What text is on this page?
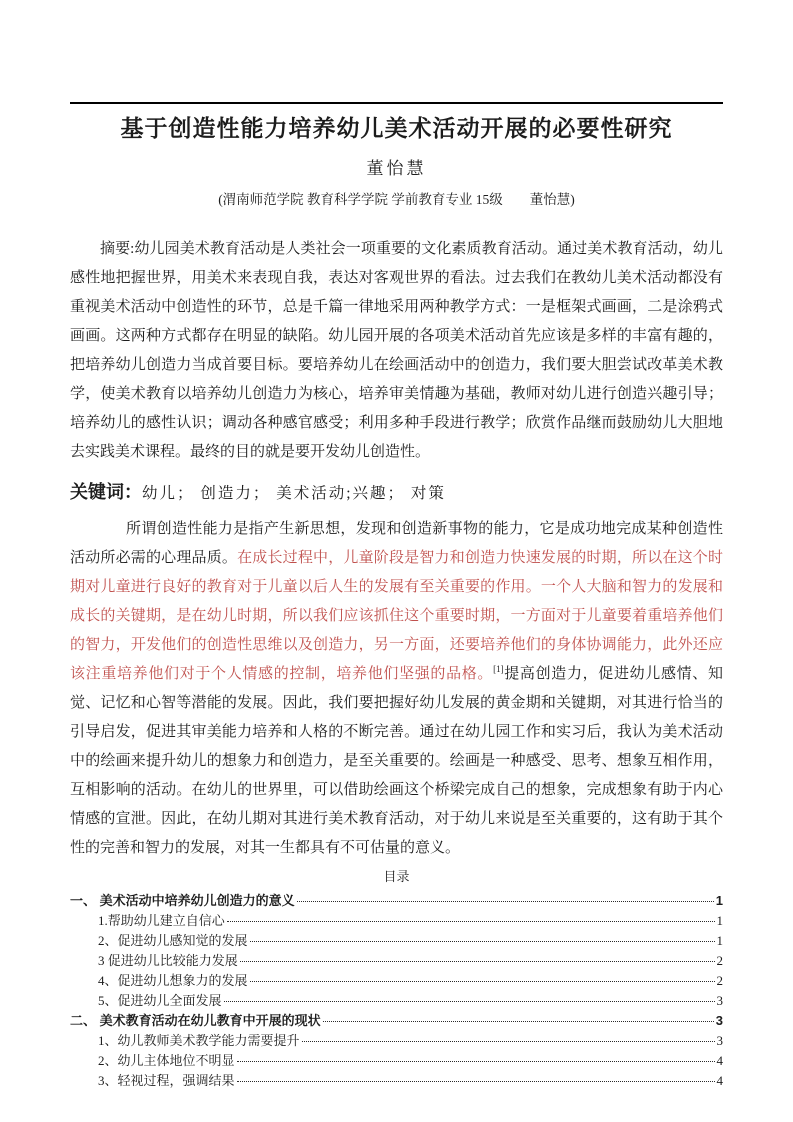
基于创造性能力培养幼儿美术活动开展的必要性研究
董怡慧
(渭南师范学院 教育科学学院 学前教育专业 15级　　董怡慧)

摘要:幼儿园美术教育活动是人类社会一项重要的文化素质教育活动。通过美术教育活动，幼儿感性地把握世界，用美术来表现自我，表达对客观世界的看法。过去我们在教幼儿美术活动都没有重视美术活动中创造性的环节，总是千篇一律地采用两种教学方式：一是框架式画画，二是涂鸦式画画。这两种方式都存在明显的缺陷。幼儿园开展的各项美术活动首先应该是多样的丰富有趣的，把培养幼儿创造力当成首要目标。要培养幼儿在绘画活动中的创造力，我们要大胆尝试改革美术教学，使美术教育以培养幼儿创造力为核心，培养审美情趣为基础，教师对幼儿进行创造兴趣引导；培养幼儿的感性认识；调动各种感官感受；利用多种手段进行教学；欣赏作品继而鼓励幼儿大胆地去实践美术课程。最终的目的就是要开发幼儿创造性。

关键词：幼儿； 创造力； 美术活动;兴趣； 对策

所谓创造性能力是指产生新思想，发现和创造新事物的能力，它是成功地完成某种创造性活动所必需的心理品质。在成长过程中，儿童阶段是智力和创造力快速发展的时期，所以在这个时期对儿童进行良好的教育对于儿童以后人生的发展有至关重要的作用。一个人大脑和智力的发展和成长的关键期，是在幼儿时期，所以我们应该抓住这个重要时期，一方面对于儿童要着重培养他们的智力，开发他们的创造性思维以及创造力，另一方面，还要培养他们的身体协调能力，此外还应该注重培养他们对于个人情感的控制，培养他们坚强的品格。[1]提高创造力，促进幼儿感情、知觉、记忆和心智等潜能的发展。因此，我们要把握好幼儿发展的黄金期和关键期，对其进行恰当的引导启发，促进其审美能力培养和人格的不断完善。通过在幼儿园工作和实习后，我认为美术活动中的绘画来提升幼儿的想象力和创造力，是至关重要的。绘画是一种感受、思考、想象互相作用，互相影响的活动。在幼儿的世界里，可以借助绘画这个桥梁完成自己的想象，完成想象有助于内心情感的宣泄。因此，在幼儿期对其进行美术教育活动，对于幼儿来说是至关重要的，这有助于其个性的完善和智力的发展，对其一生都具有不可估量的意义。

目录
一、 美术活动中培养幼儿创造力的意义	1
1.帮助幼儿建立自信心	1
2、促进幼儿感知觉的发展	1
3 促进幼儿比较能力发展	2
4、促进幼儿想象力的发展	2
5、促进幼儿全面发展	3
二、 美术教育活动在幼儿教育中开展的现状	3
1、幼儿教师美术教学能力需要提升	3
2、幼儿主体地位不明显	4
3、轻视过程，强调结果	4
